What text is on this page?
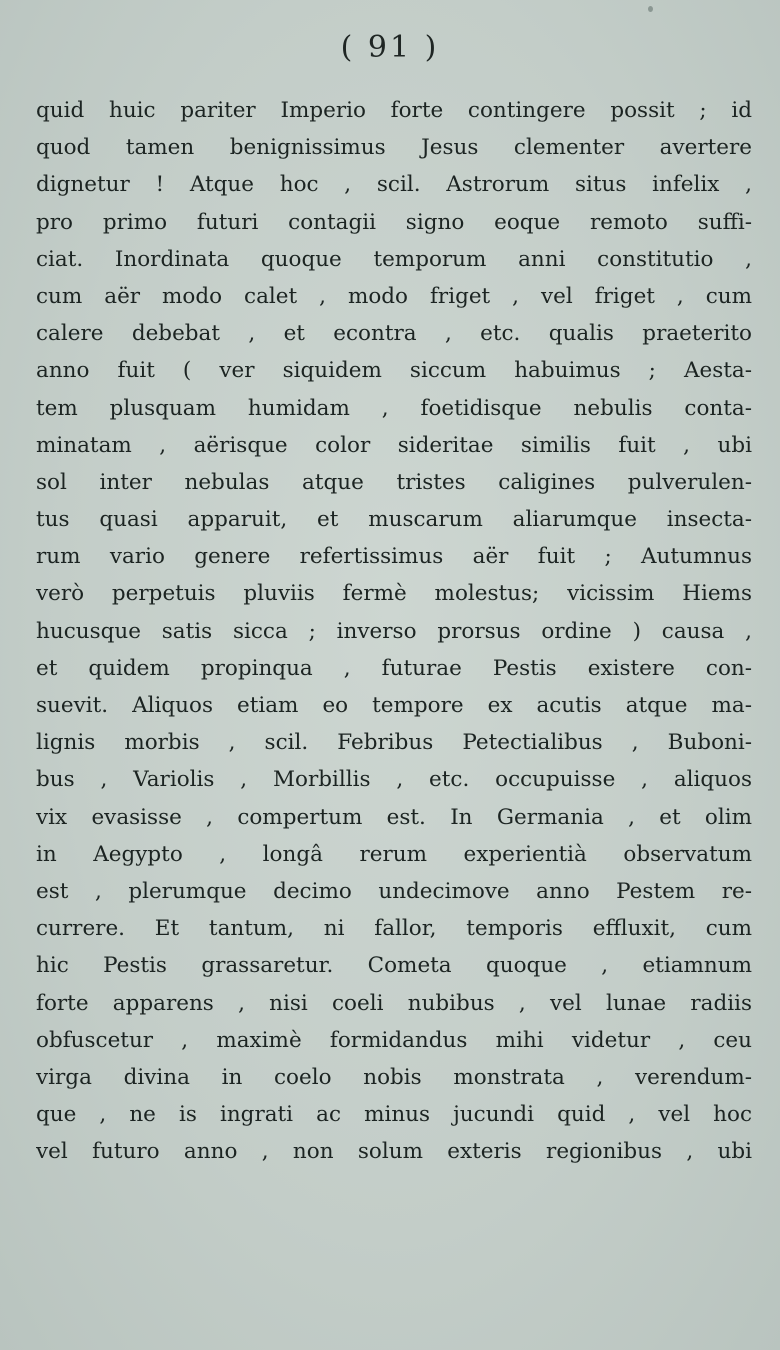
( 91 )
quid huic pariter Imperio forte contingere possit ; id
quod tamen benignissimus Jesus clementer avertere
dignetur ! Atque hoc , scil. Astrorum situs infelix ,
pro primo futuri contagii signo eoque remoto suffi-
ciat. Inordinata quoque temporum anni constitutio ,
cum aër modo calet , modo friget , vel friget , cum
calere debebat , et econtra , etc. qualis praeterito
anno fuit ( ver siquidem siccum habuimus ; Aesta-
tem plusquam humidam , foetidisque nebulis conta-
minatam , aërisque color sideritae similis fuit , ubi
sol inter nebulas atque tristes caligines pulverulen-
tus quasi apparuit, et muscarum aliarumque insecta-
rum vario genere refertissimus aër fuit ; Autumnus
verò perpetuis pluviis fermè molestus; vicissim Hiems
hucusque satis sicca ; inverso prorsus ordine ) causa ,
et quidem propinqua , futurae Pestis existere con-
suevit. Aliquos etiam eo tempore ex acutis atque ma-
lignis morbis , scil. Febribus Petectialibus , Buboni-
bus , Variolis , Morbillis , etc. occupuisse , aliquos
vix evasisse , compertum est. In Germania , et olim
in Aegypto , longâ rerum experientià observatum
est , plerumque decimo undecimove anno Pestem re-
currere. Et tantum, ni fallor, temporis effluxit, cum
hic Pestis grassaretur. Cometa quoque , etiamnum
forte apparens , nisi coeli nubibus , vel lunae radiis
obfuscetur , maximè formidandus mihi videtur , ceu
virga divina in coelo nobis monstrata , verendum-
que , ne is ingrati ac minus jucundi quid , vel hoc
vel futuro anno , non solum exteris regionibus , ubi
